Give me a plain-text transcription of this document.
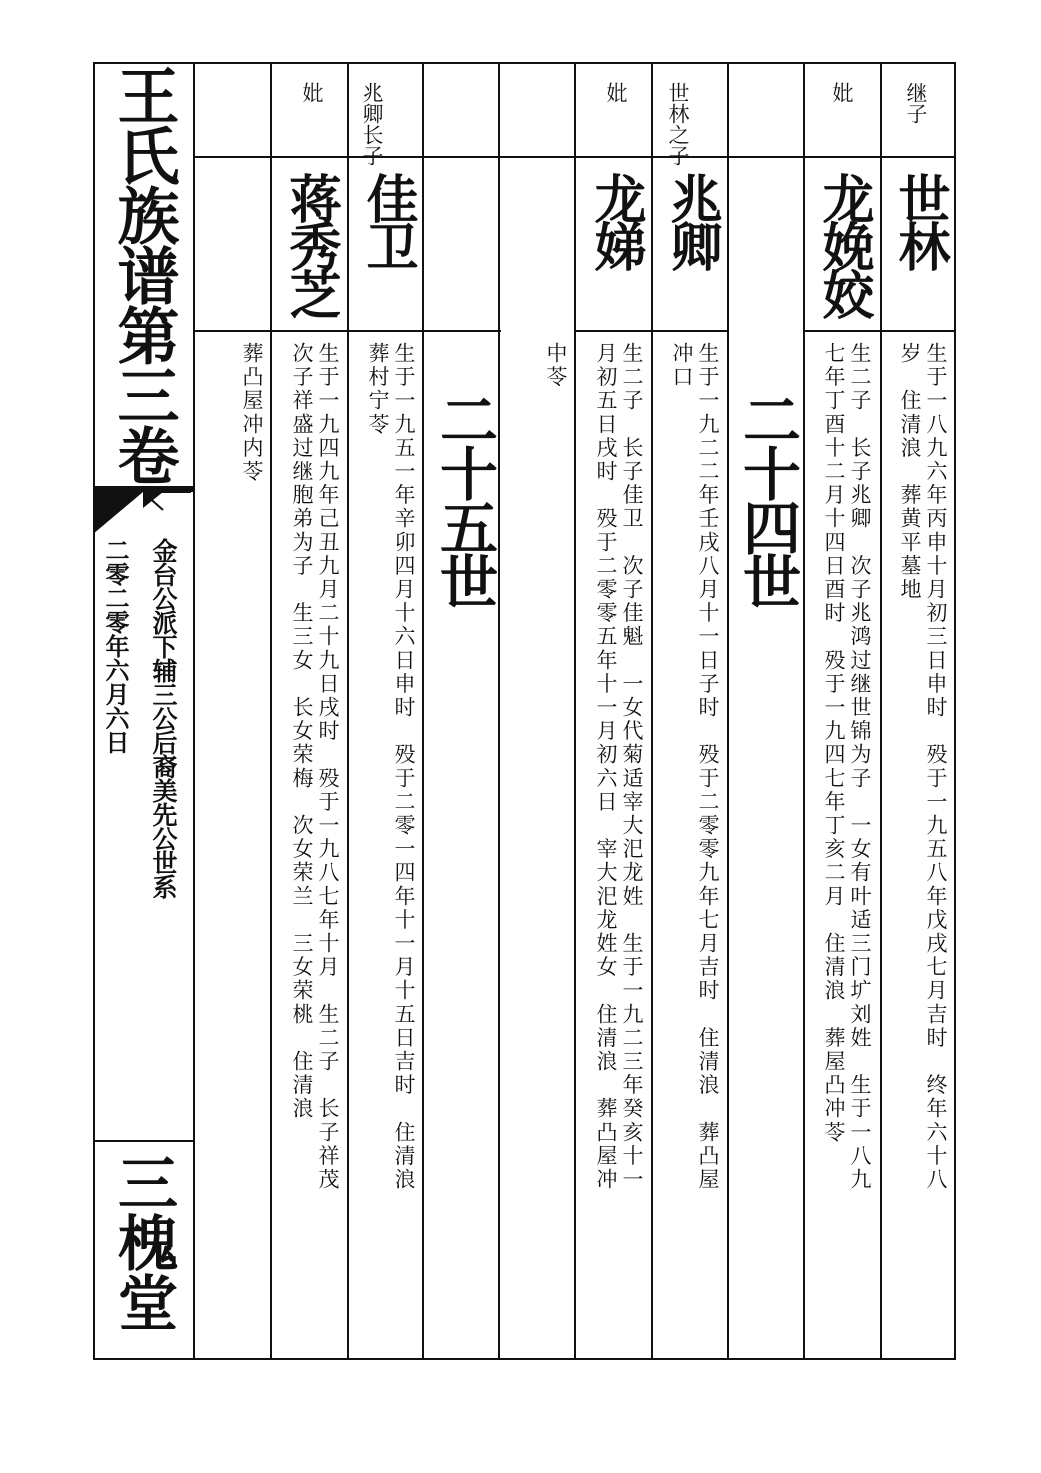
王氏族谱第三卷
金台公派下辅三公后裔美先公世系
二零二零年六月六日
三槐堂
继子
世林
生于一八九六年丙申十月初三日申时　殁于一九五八年戊戌七月吉时　终年六十八
岁　住清浪　葬黄平墓地
妣
龙娩姣
生二子　长子兆卿　次子兆鸿过继世锦为子　一女有叶适三门圹刘姓　生于一八九
七年丁酉十二月十四日酉时　殁于一九四七年丁亥二月　住清浪　葬屋凸冲苓
二十四世
世林之子
兆卿
生于一九二二年壬戌八月十一日子时　殁于二零零九年七月吉时　住清浪　葬凸屋
冲口
妣
龙娣
生二子　长子佳卫　次子佳魁　一女代菊适宰大汜龙姓　生于一九二三年癸亥十一
月初五日戌时　殁于二零零五年十一月初六日　宰大汜龙姓女　住清浪　葬凸屋冲
中苓
二十五世
兆卿长子
佳卫
生于一九五一年辛卯四月十六日申时　殁于二零一四年十一月十五日吉时　住清浪
葬村宁苓
妣
蒋秀芝
生于一九四九年己丑九月二十九日戌时　殁于一九八七年十月　生二子　长子祥茂
次子祥盛过继胞弟为子　生三女　长女荣梅　次女荣兰　三女荣桃　住清浪
葬凸屋冲内苓
